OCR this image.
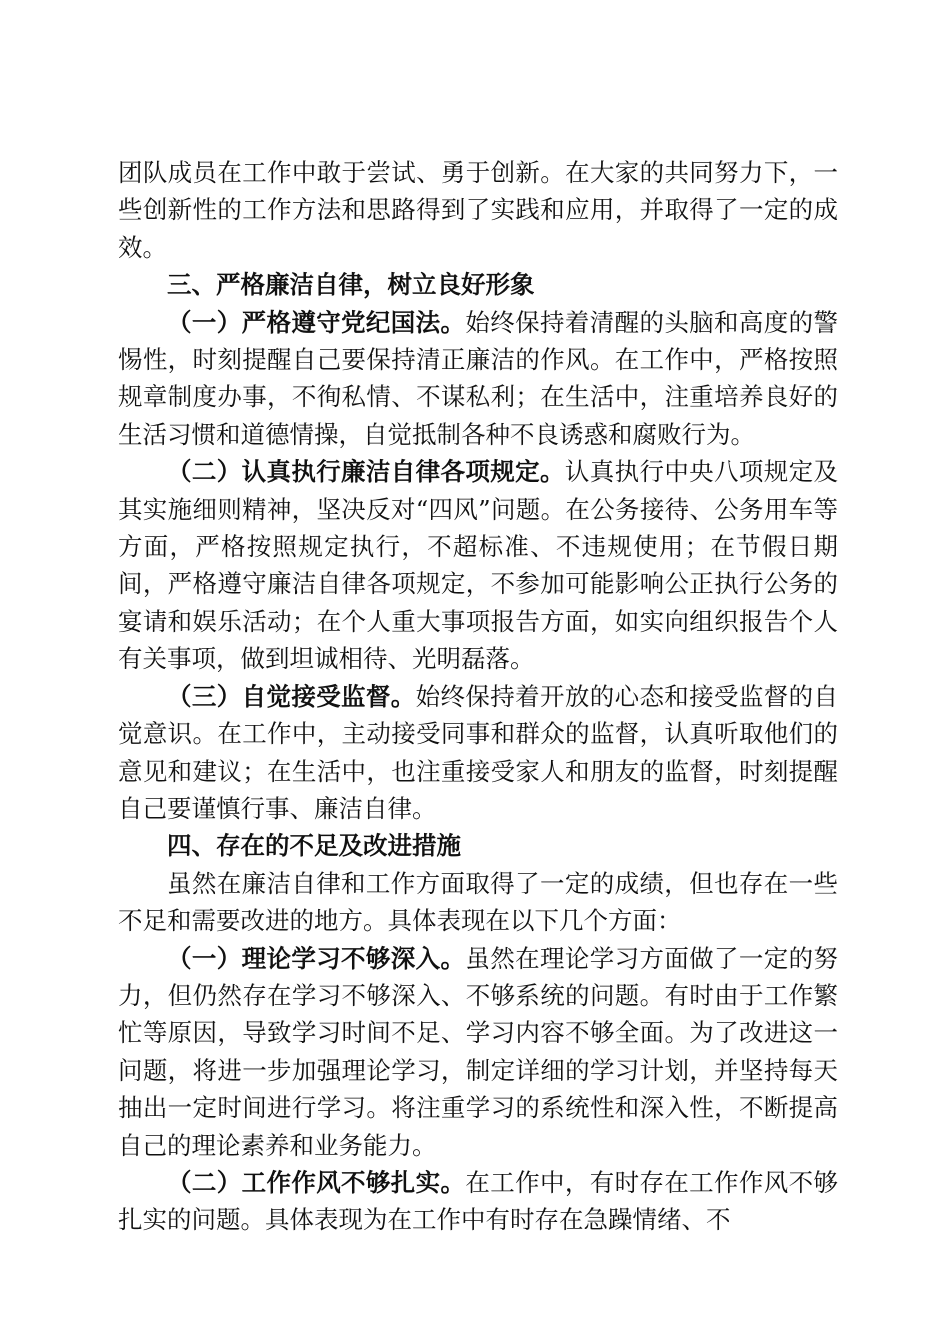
团队成员在工作中敢于尝试、勇于创新。在大家的共同努力下，一些创新性的工作方法和思路得到了实践和应用，并取得了一定的成效。

三、严格廉洁自律，树立良好形象

（一）严格遵守党纪国法。始终保持着清醒的头脑和高度的警惕性，时刻提醒自己要保持清正廉洁的作风。在工作中，严格按照规章制度办事，不徇私情、不谋私利；在生活中，注重培养良好的生活习惯和道德情操，自觉抵制各种不良诱惑和腐败行为。

（二）认真执行廉洁自律各项规定。认真执行中央八项规定及其实施细则精神，坚决反对“四风”问题。在公务接待、公务用车等方面，严格按照规定执行，不超标准、不违规使用；在节假日期间，严格遵守廉洁自律各项规定，不参加可能影响公正执行公务的宴请和娱乐活动；在个人重大事项报告方面，如实向组织报告个人有关事项，做到坦诚相待、光明磊落。

（三）自觉接受监督。始终保持着开放的心态和接受监督的自觉意识。在工作中，主动接受同事和群众的监督，认真听取他们的意见和建议；在生活中，也注重接受家人和朋友的监督，时刻提醒自己要谨慎行事、廉洁自律。

四、存在的不足及改进措施

虽然在廉洁自律和工作方面取得了一定的成绩，但也存在一些不足和需要改进的地方。具体表现在以下几个方面：

（一）理论学习不够深入。虽然在理论学习方面做了一定的努力，但仍然存在学习不够深入、不够系统的问题。有时由于工作繁忙等原因，导致学习时间不足、学习内容不够全面。为了改进这一问题，将进一步加强理论学习，制定详细的学习计划，并坚持每天抽出一定时间进行学习。将注重学习的系统性和深入性，不断提高自己的理论素养和业务能力。

（二）工作作风不够扎实。在工作中，有时存在工作作风不够扎实的问题。具体表现为在工作中有时存在急躁情绪、不
